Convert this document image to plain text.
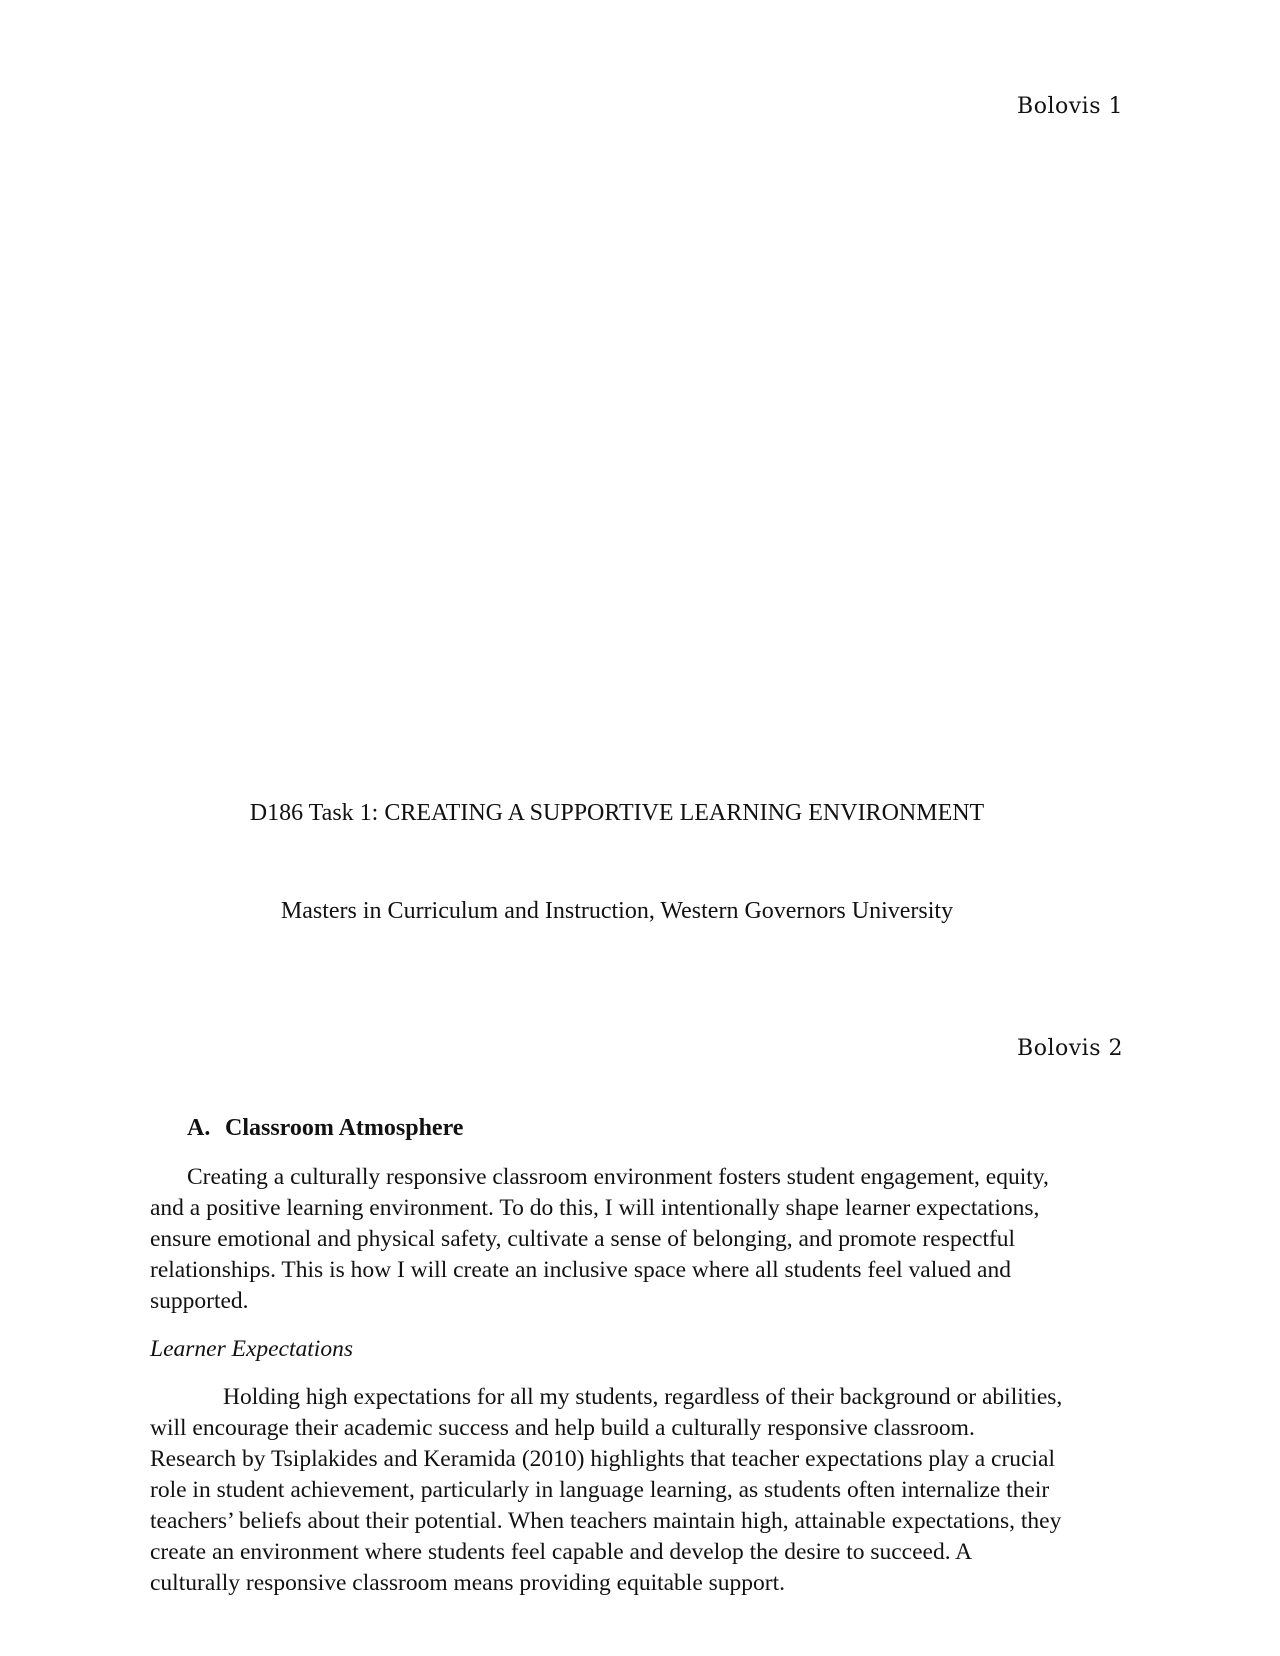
Bolovis 1
D186 Task 1: CREATING A SUPPORTIVE LEARNING ENVIRONMENT
Masters in Curriculum and Instruction, Western Governors University
Bolovis 2
A. Classroom Atmosphere
Creating a culturally responsive classroom environment fosters student engagement, equity,
and a positive learning environment. To do this, I will intentionally shape learner expectations,
ensure emotional and physical safety, cultivate a sense of belonging, and promote respectful
relationships. This is how I will create an inclusive space where all students feel valued and
supported.
Learner Expectations
Holding high expectations for all my students, regardless of their background or abilities,
will encourage their academic success and help build a culturally responsive classroom.
Research by Tsiplakides and Keramida (2010) highlights that teacher expectations play a crucial
role in student achievement, particularly in language learning, as students often internalize their
teachers’ beliefs about their potential. When teachers maintain high, attainable expectations, they
create an environment where students feel capable and develop the desire to succeed. A
culturally responsive classroom means providing equitable support.
